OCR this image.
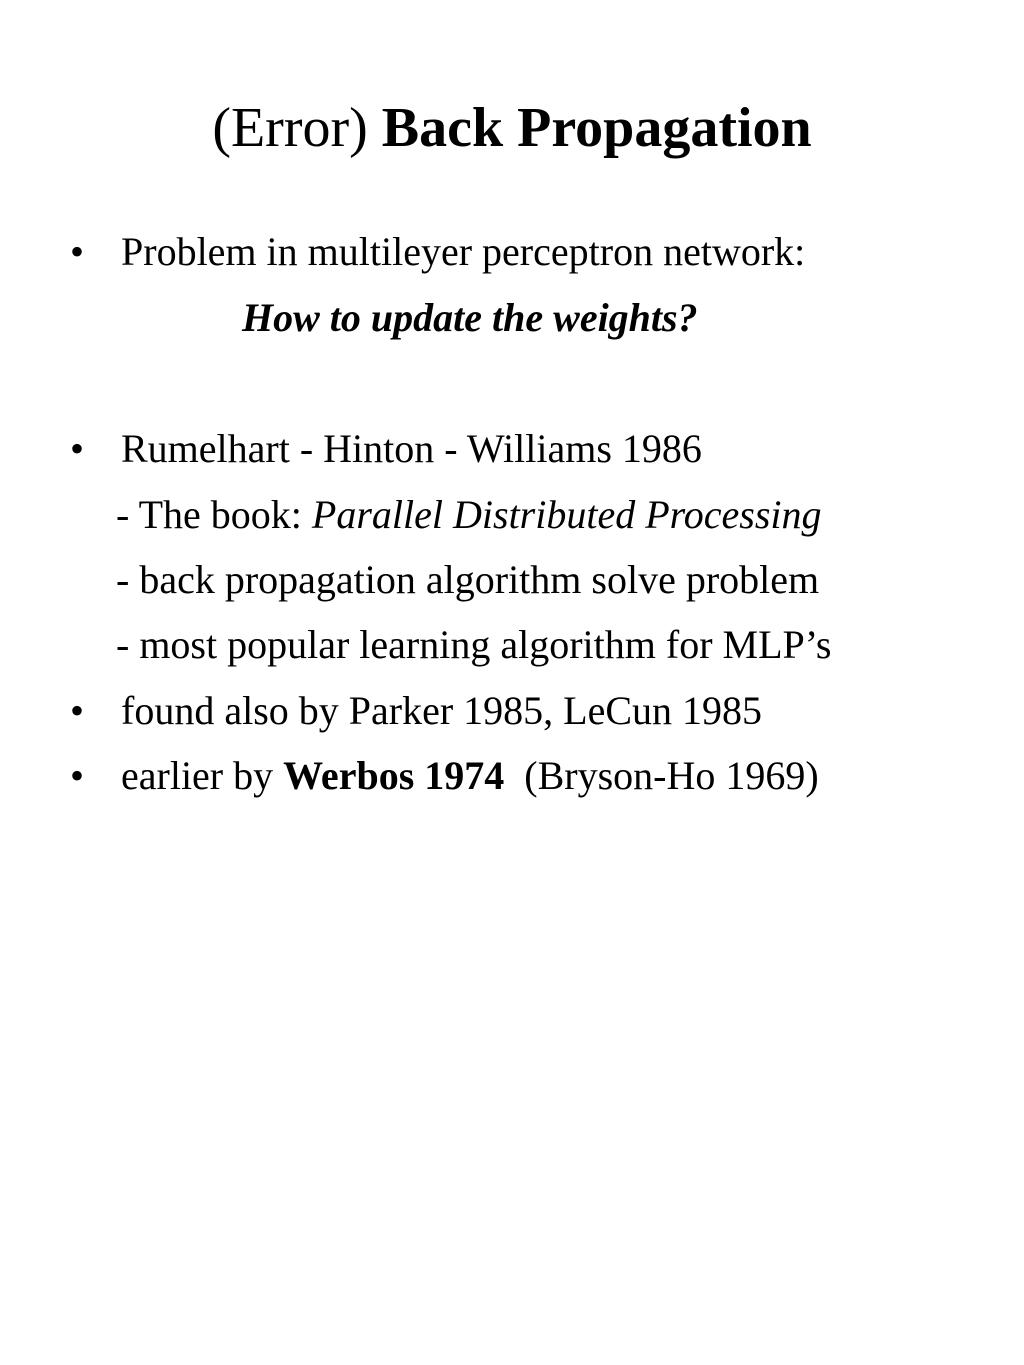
(Error) Back Propagation
• Problem in multileyer perceptron network:
How to update the weights?
• Rumelhart - Hinton - Williams 1986
- The book: Parallel Distributed Processing
- back propagation algorithm solve problem
- most popular learning algorithm for MLP’s
• found also by Parker 1985, LeCun 1985
• earlier by Werbos 1974  (Bryson-Ho 1969)
